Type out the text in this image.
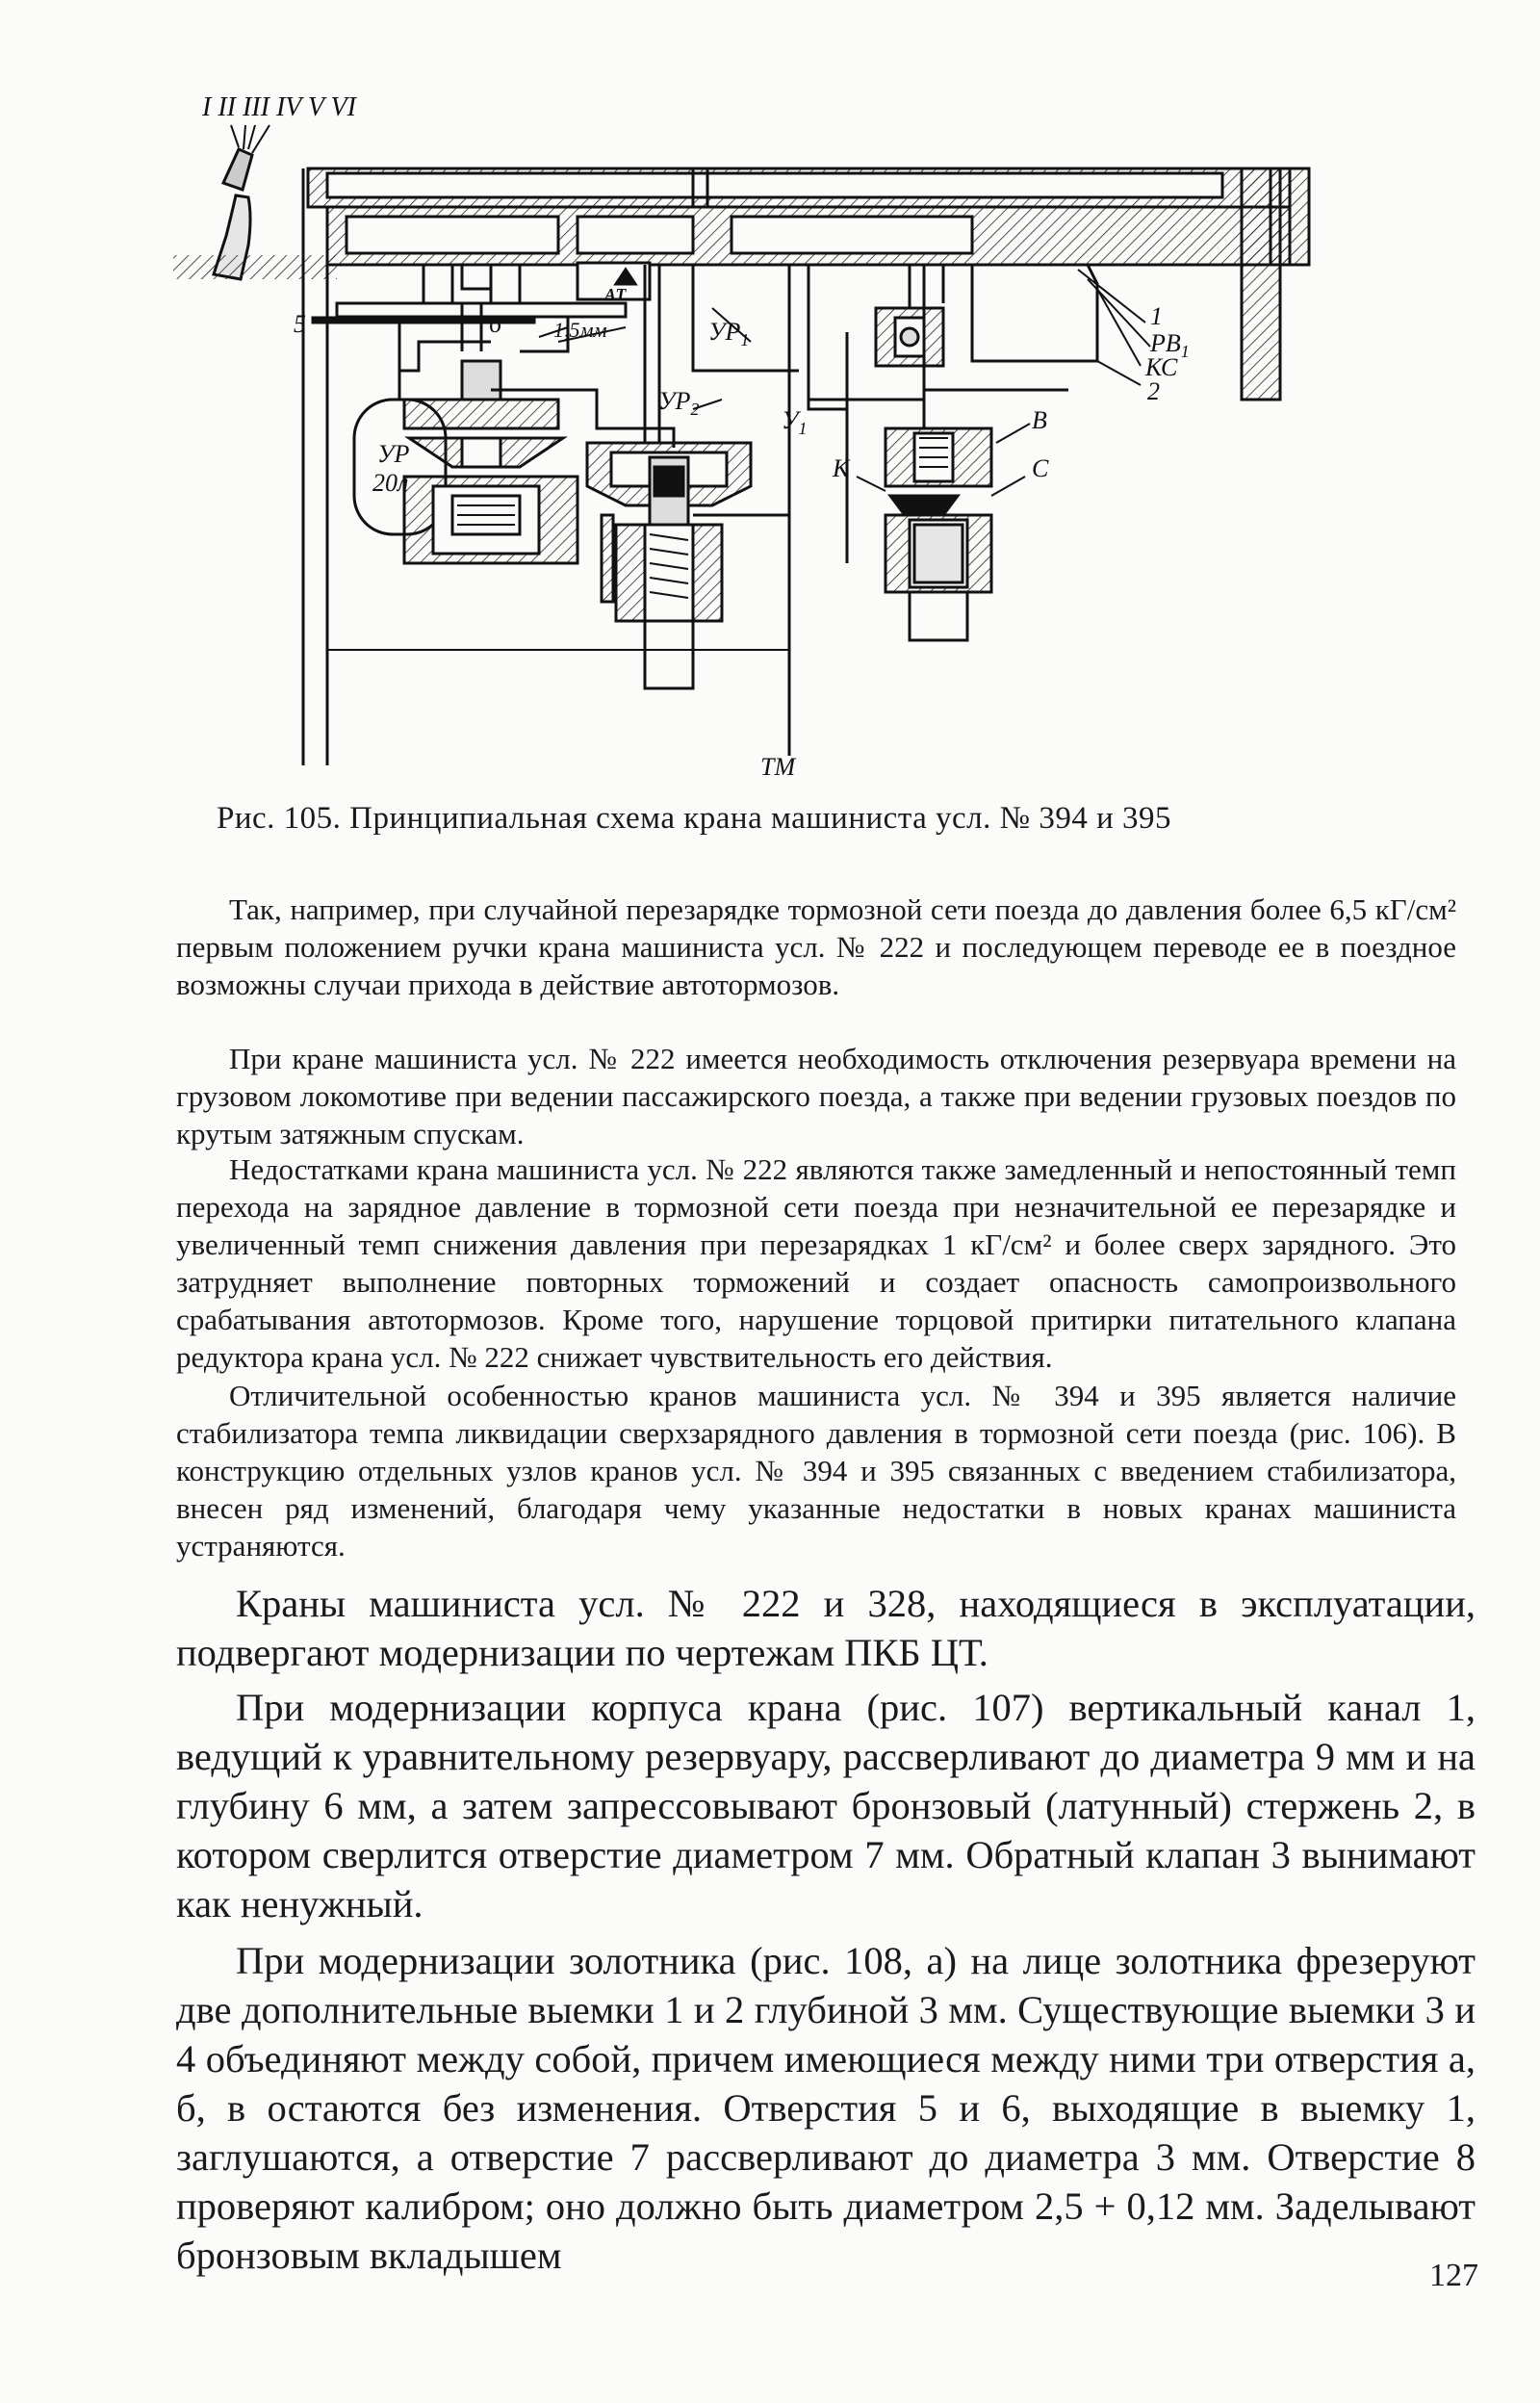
I II III IV V VI
5	6 1,5мм
АТ
$УР_1$
$УР_2$	$У_1$
УР
20л
1
$РВ_1$
КС
2
В
С
К
ТМ
Рис. 105. Принципиальная схема крана машиниста усл. № 394 и 395

Так, например, при случайной перезарядке тормозной сети поезда до давления более 6,5 кГ/см² первым положением ручки крана машиниста усл. № 222 и последующем переводе ее в поездное возможны случаи прихода в действие автотормозов.

При кране машиниста усл. № 222 имеется необходимость отключения резервуара времени на грузовом локомотиве при ведении пассажирского поезда, а также при ведении грузовых поездов по крутым затяжным спускам.

Недостатками крана машиниста усл. № 222 являются также замедленный и непостоянный темп перехода на зарядное давление в тормозной сети поезда при незначительной ее перезарядке и увеличенный темп снижения давления при перезарядках 1 кГ/см² и более сверх зарядного. Это затрудняет выполнение повторных торможений и создает опасность самопроизвольного срабатывания автотормозов. Кроме того, нарушение торцовой притирки питательного клапана редуктора крана усл. № 222 снижает чувствительность его действия.

Отличительной особенностью кранов машиниста усл. № 394 и 395 является наличие стабилизатора темпа ликвидации сверхзарядного давления в тормозной сети поезда (рис. 106). В конструкцию отдельных узлов кранов усл. № 394 и 395 связанных с введением стабилизатора, внесен ряд изменений, благодаря чему указанные недостатки в новых кранах машиниста устраняются.

Краны машиниста усл. № 222 и 328, находящиеся в эксплуатации, подвергают модернизации по чертежам ПКБ ЦТ.

При модернизации корпуса крана (рис. 107) вертикальный канал 1, ведущий к уравнительному резервуару, рассверливают до диаметра 9 мм и на глубину 6 мм, а затем запрессовывают бронзовый (латунный) стержень 2, в котором сверлится отверстие диаметром 7 мм. Обратный клапан 3 вынимают как ненужный.

При модернизации золотника (рис. 108, а) на лице золотника фрезеруют две дополнительные выемки 1 и 2 глубиной 3 мм. Существующие выемки 3 и 4 объединяют между собой, причем имеющиеся между ними три отверстия а, б, в остаются без изменения. Отверстия 5 и 6, выходящие в выемку 1, заглушаются, а отверстие 7 рассверливают до диаметра 3 мм. Отверстие 8 проверяют калибром; оно должно быть диаметром 2,5 + 0,12 мм. Заделывают бронзовым вкладышем	127
